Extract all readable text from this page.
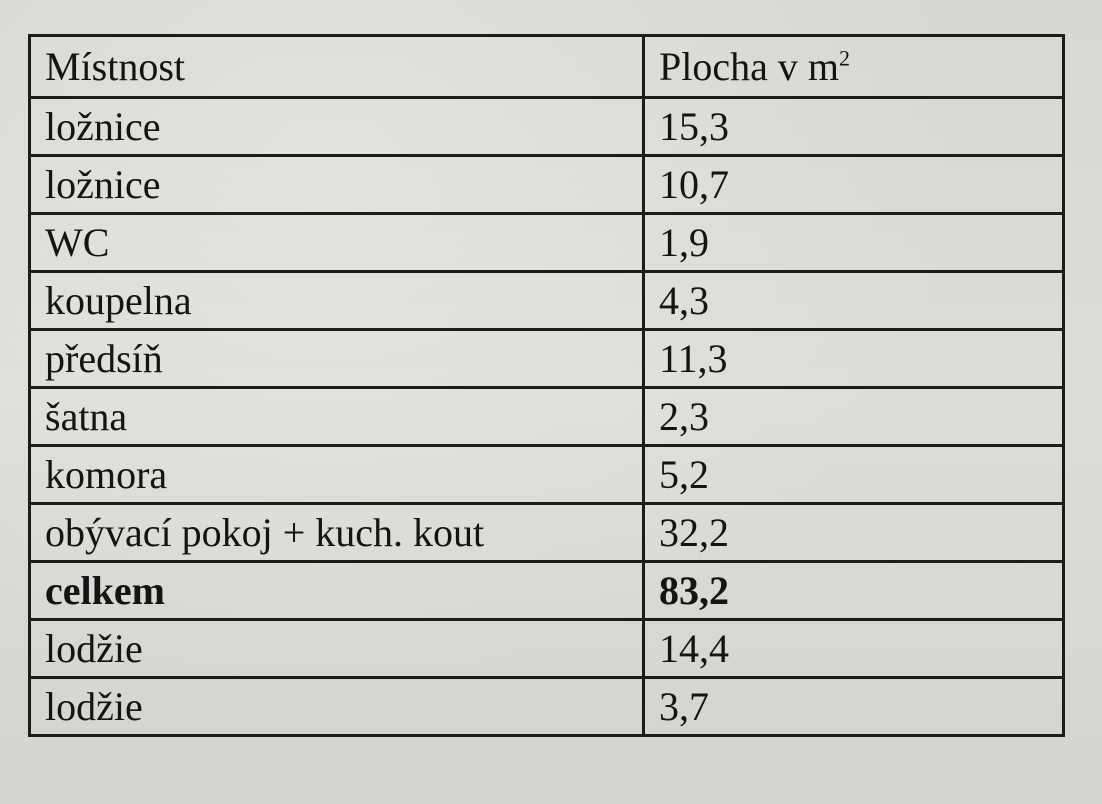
Místnost	Plocha v $m^2$
ložnice	15,3
ložnice	10,7
WC	1,9
koupelna	4,3
předsíň	11,3
šatna	2,3
komora	5,2
obývací pokoj + kuch. kout	32,2
celkem	83,2
lodžie	14,4
lodžie	3,7
